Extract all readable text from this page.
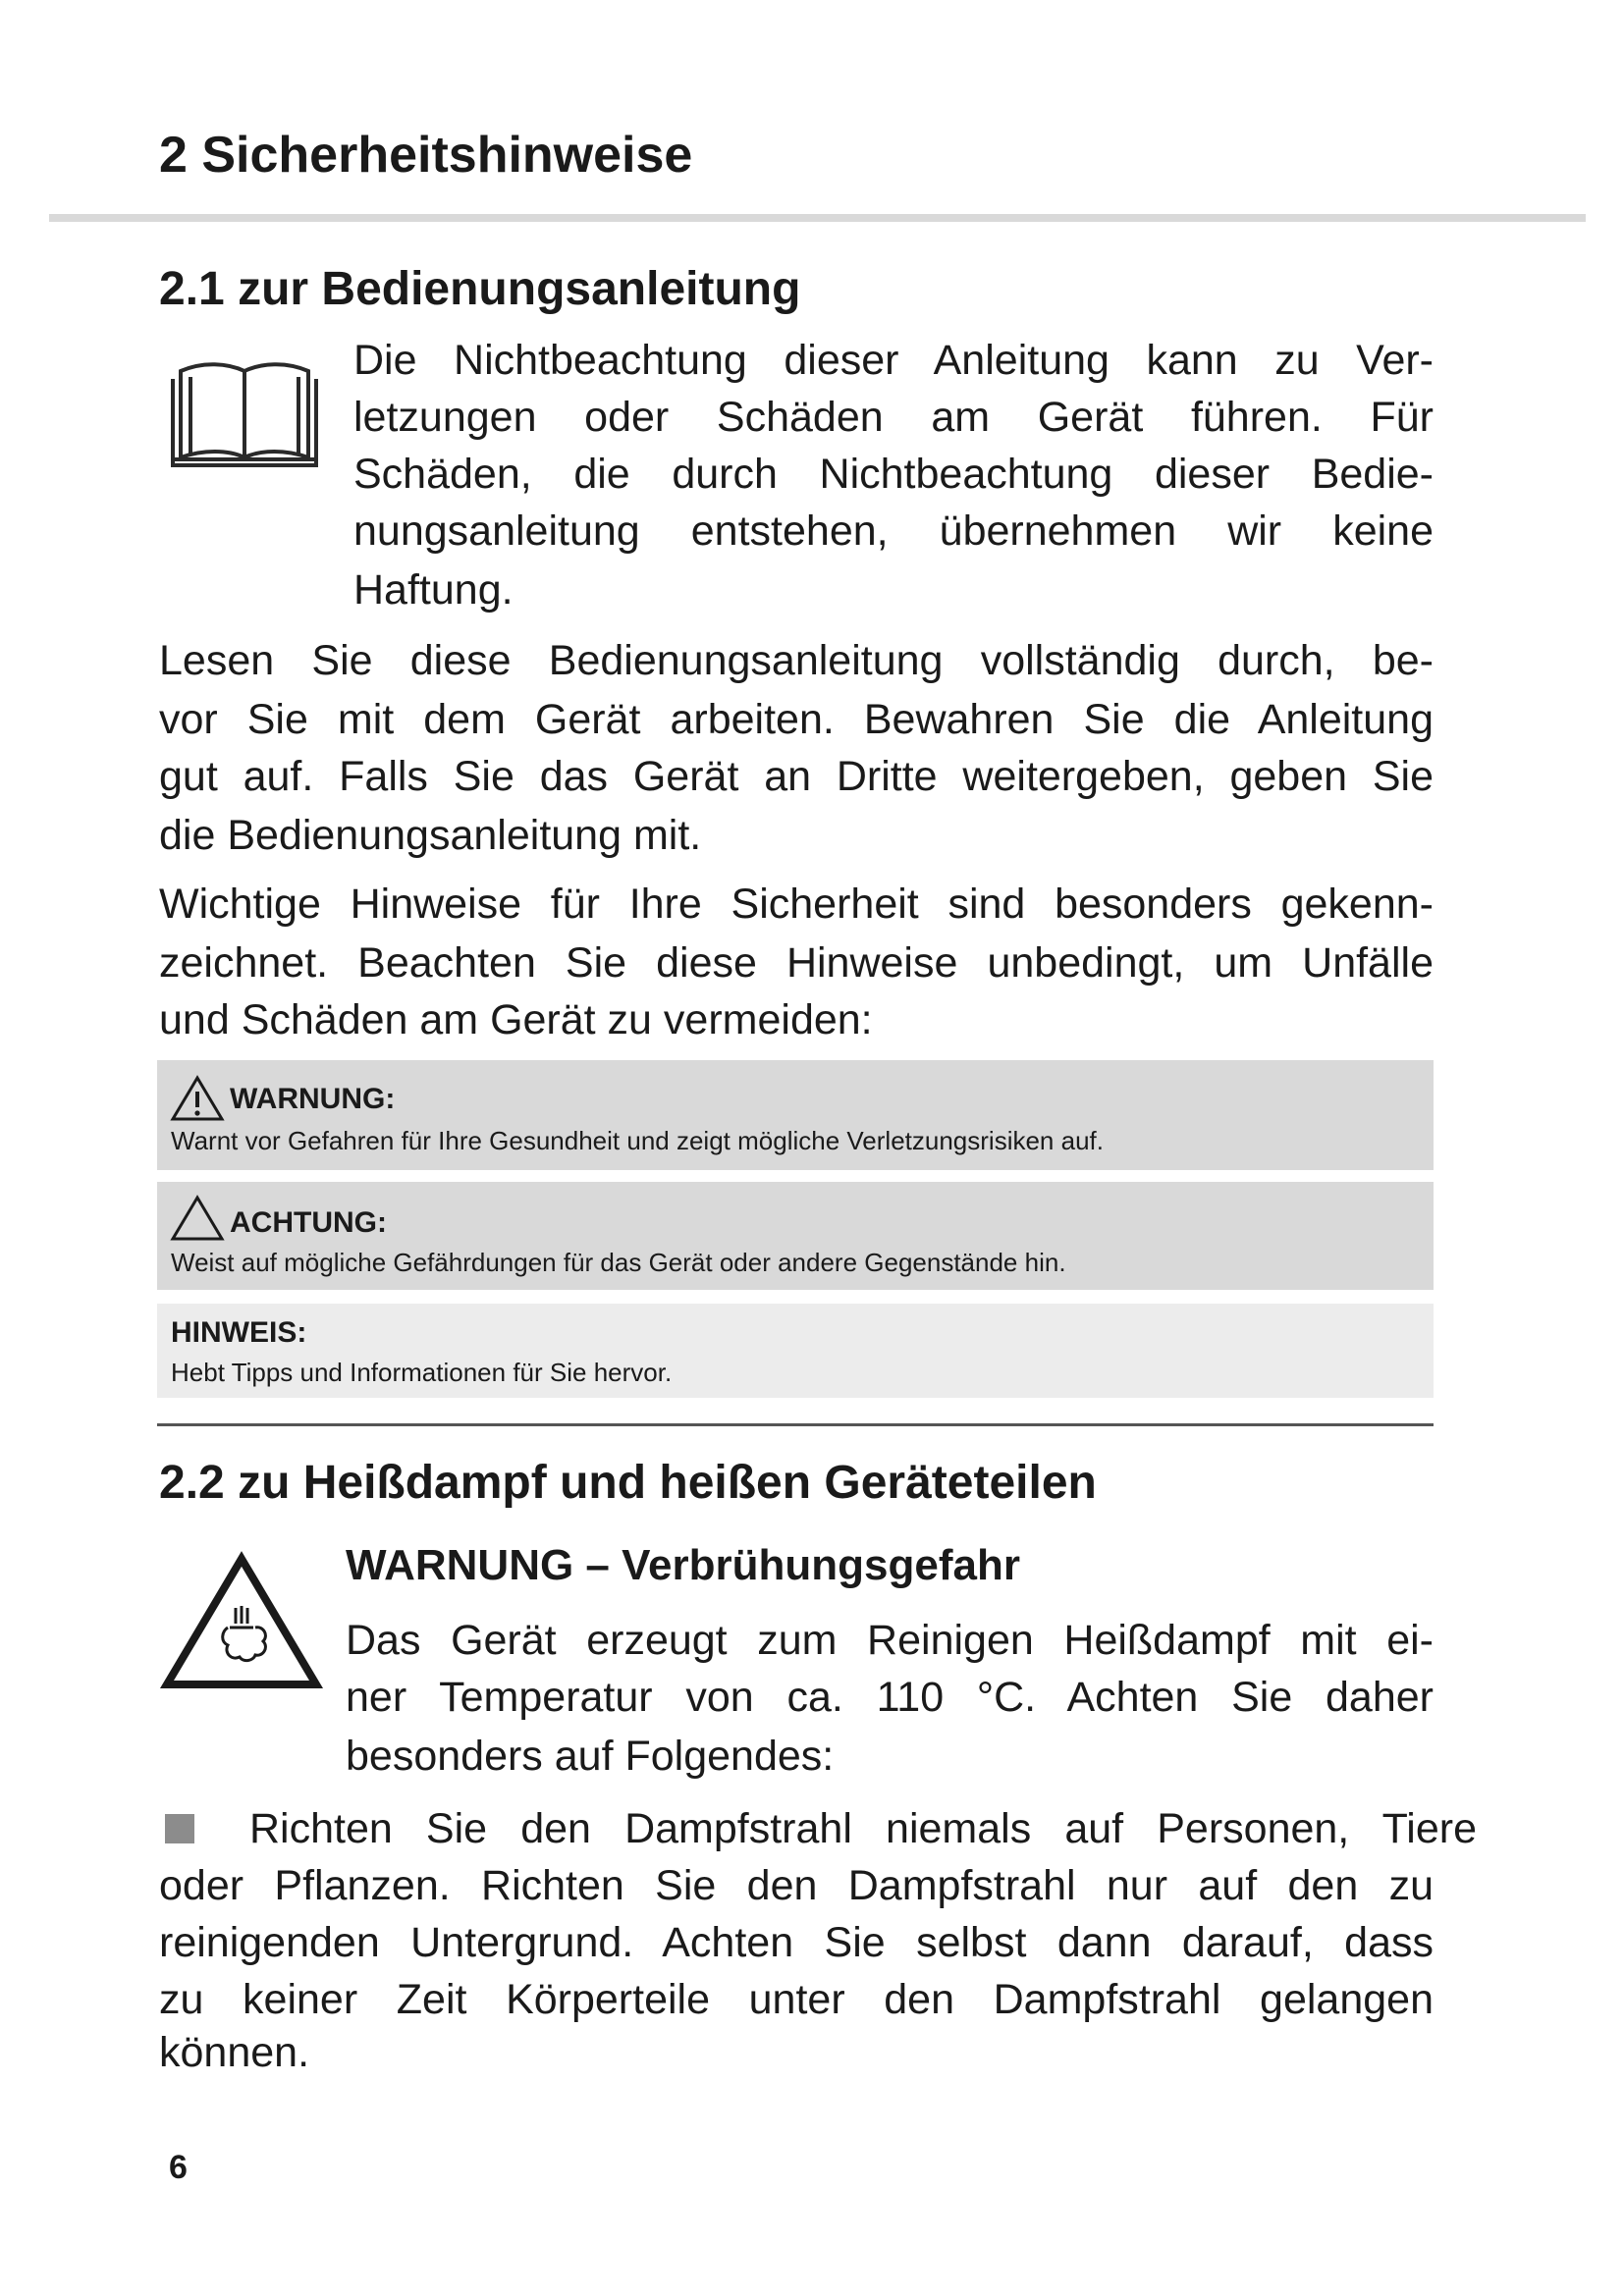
2 Sicherheitshinweise
2.1 zur Bedienungsanleitung

Die Nichtbeachtung dieser Anleitung kann zu Ver-

letzungen oder Schäden am Gerät führen. Für

Schäden, die durch Nichtbeachtung dieser Bedie-

nungsanleitung entstehen, übernehmen wir keine

Haftung.

Lesen Sie diese Bedienungsanleitung vollständig durch, be-

vor Sie mit dem Gerät arbeiten. Bewahren Sie die Anleitung

gut auf. Falls Sie das Gerät an Dritte weitergeben, geben Sie

die Bedienungsanleitung mit.

Wichtige Hinweise für Ihre Sicherheit sind besonders gekenn-

zeichnet. Beachten Sie diese Hinweise unbedingt, um Unfälle

und Schäden am Gerät zu vermeiden:

WARNUNG:
Warnt vor Gefahren für Ihre Gesundheit und zeigt mögliche Verletzungsrisiken auf.
ACHTUNG:
Weist auf mögliche Gefährdungen für das Gerät oder andere Gegenstände hin.
HINWEIS:
Hebt Tipps und Informationen für Sie hervor.
2.2 zu Heißdampf und heißen Geräteteilen

WARNUNG – Verbrühungsgefahr

Das Gerät erzeugt zum Reinigen Heißdampf mit ei-

ner Temperatur von ca. 110 °C. Achten Sie daher

besonders auf Folgendes:

Richten Sie den Dampfstrahl niemals auf Personen, Tiere

oder Pflanzen. Richten Sie den Dampfstrahl nur auf den zu

reinigenden Untergrund. Achten Sie selbst dann darauf, dass

zu keiner Zeit Körperteile unter den Dampfstrahl gelangen

können.

6
